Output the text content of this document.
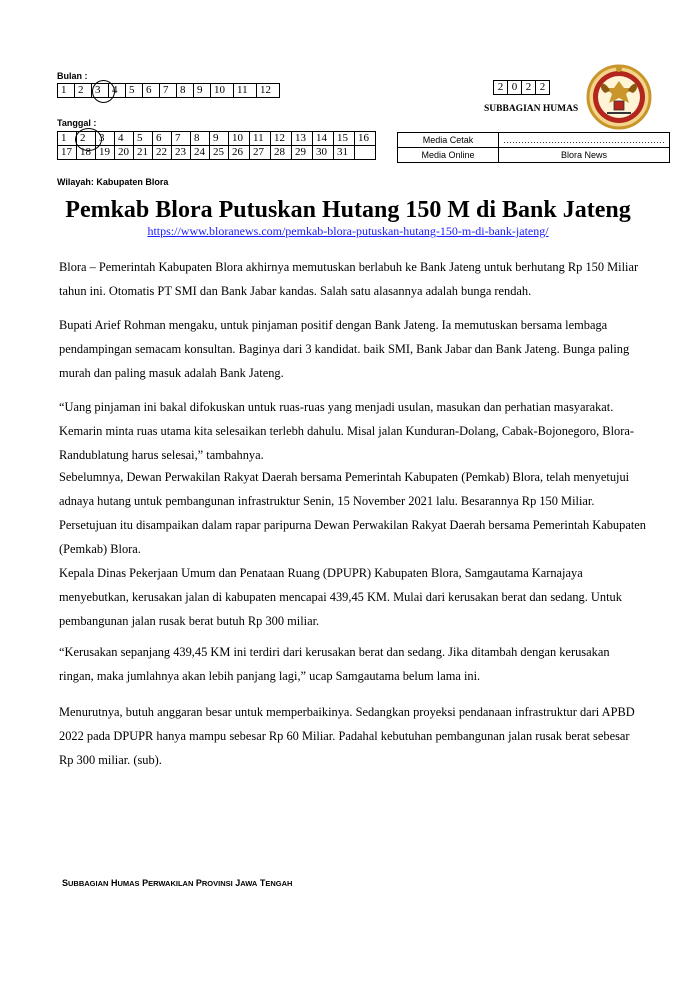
Bulan :
1	2	3	4	5	6	7	8	9	10	11	12
Tanggal :
1	2	3	4	5	6	7	8	9	10	11	12	13	14	15	16
17	18	19	20	21	22	23	24	25	26	27	28	29	30	31	
2	0	2	2
SUBBAGIAN HUMAS
Media Cetak	………………………………………………
Media Online	Blora News
Wilayah: Kabupaten Blora
Pemkab Blora Putuskan Hutang 150 M di Bank Jateng
https://www.bloranews.com/pemkab-blora-putuskan-hutang-150-m-di-bank-jateng/
Blora – Pemerintah Kabupaten Blora akhirnya memutuskan berlabuh ke Bank Jateng untuk berhutang Rp 150 Miliar tahun ini. Otomatis PT SMI dan Bank Jabar kandas. Salah satu alasannya adalah bunga rendah.
Bupati Arief Rohman mengaku, untuk pinjaman positif dengan Bank Jateng. Ia memutuskan bersama lembaga pendampingan semacam konsultan. Baginya dari 3 kandidat. baik SMI, Bank Jabar dan Bank Jateng. Bunga paling murah dan paling masuk adalah Bank Jateng.
“Uang pinjaman ini bakal difokuskan untuk ruas-ruas yang menjadi usulan, masukan dan perhatian masyarakat. Kemarin minta ruas utama kita selesaikan terlebh dahulu. Misal jalan Kunduran-Dolang, Cabak-Bojonegoro, Blora-Randublatung harus selesai,” tambahnya.
Sebelumnya, Dewan Perwakilan Rakyat Daerah bersama Pemerintah Kabupaten (Pemkab) Blora, telah menyetujui adnaya hutang untuk pembangunan infrastruktur Senin, 15 November 2021 lalu. Besarannya Rp 150 Miliar. Persetujuan itu disampaikan dalam rapar paripurna Dewan Perwakilan Rakyat Daerah bersama Pemerintah Kabupaten (Pemkab) Blora.
Kepala Dinas Pekerjaan Umum dan Penataan Ruang (DPUPR) Kabupaten Blora, Samgautama Karnajaya menyebutkan, kerusakan jalan di kabupaten mencapai 439,45 KM. Mulai dari kerusakan berat dan sedang. Untuk pembangunan jalan rusak berat butuh Rp 300 miliar.
“Kerusakan sepanjang 439,45 KM ini terdiri dari kerusakan berat dan sedang. Jika ditambah dengan kerusakan ringan, maka jumlahnya akan lebih panjang lagi,” ucap Samgautama belum lama ini.
Menurutnya, butuh anggaran besar untuk memperbaikinya. Sedangkan proyeksi pendanaan infrastruktur dari APBD 2022 pada DPUPR hanya mampu sebesar Rp 60 Miliar. Padahal kebutuhan pembangunan jalan rusak berat sebesar Rp 300 miliar. (sub).
SUBBAGIAN HUMAS PERWAKILAN PROVINSI JAWA TENGAH
